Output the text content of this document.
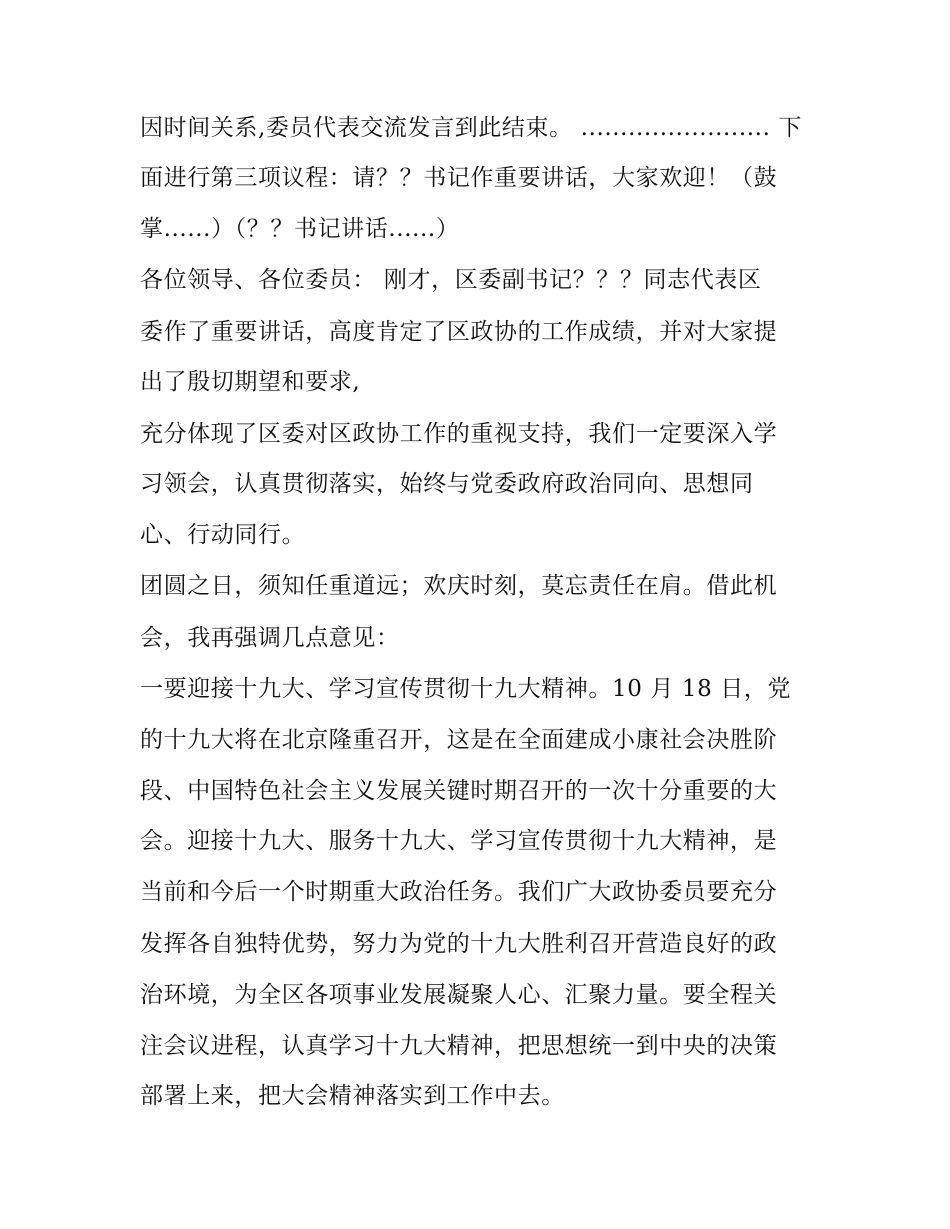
因时间关系,委员代表交流发言到此结束。 ........................ 下
面进行第三项议程：请？？书记作重要讲话，大家欢迎！（鼓
掌......）（？？书记讲话......）
各位领导、各位委员： 刚才，区委副书记？？？同志代表区
委作了重要讲话，高度肯定了区政协的工作成绩，并对大家提
出了殷切期望和要求,
充分体现了区委对区政协工作的重视支持，我们一定要深入学
习领会，认真贯彻落实，始终与党委政府政治同向、思想同
心、行动同行。
团圆之日，须知任重道远；欢庆时刻，莫忘责任在肩。借此机
会，我再强调几点意见：
一要迎接十九大、学习宣传贯彻十九大精神。10 月 18 日，党
的十九大将在北京隆重召开，这是在全面建成小康社会决胜阶
段、中国特色社会主义发展关键时期召开的一次十分重要的大
会。迎接十九大、服务十九大、学习宣传贯彻十九大精神，是
当前和今后一个时期重大政治任务。我们广大政协委员要充分
发挥各自独特优势，努力为党的十九大胜利召开营造良好的政
治环境，为全区各项事业发展凝聚人心、汇聚力量。要全程关
注会议进程，认真学习十九大精神，把思想统一到中央的决策
部署上来，把大会精神落实到工作中去。
